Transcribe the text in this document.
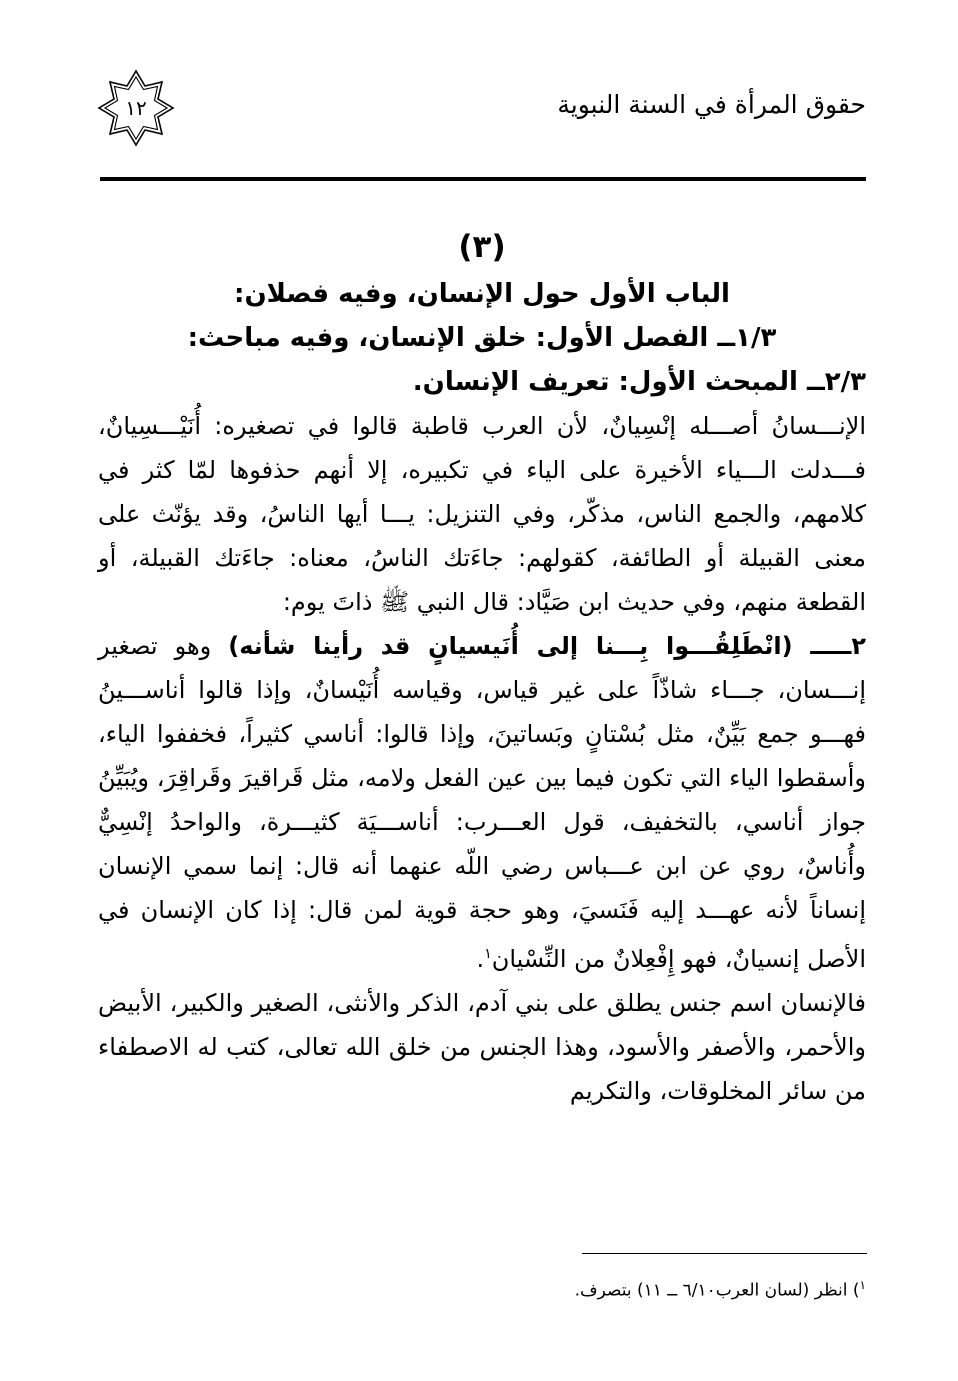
حقوق المرأة في السنة النبوية
١٢
(٣)
الباب الأول حول الإنسان، وفيه فصلان:
١/٣ــ الفصل الأول: خلق الإنسان، وفيه مباحث:
٢/٣ــ المبحث الأول: تعريف الإنسان.

الإنـــسانُ أصـــله إنْسِيانٌ، لأن العرب قاطبة قالوا في تصغيره: أُنَيْـــسِيانٌ، فـــدلت الـــياء الأخيرة على الياء في تكبيره، إلا أنهم حذفوها لمّا كثر في كلامهم، والجمع الناس، مذكّر، وفي التنزيل: يـــا أيها الناسُ، وقد يؤنّث على معنى القبيلة أو الطائفة، كقولهم: جاءَتك الناسُ، معناه: جاءَتك القبيلة، أو القطعة منهم، وفي حديث ابن صَيَّاد: قال النبي ﷺ ذاتَ يوم:

٢ـــــ (انْطَلِقُـــوا بِـــنا إلى أُنَيسيانٍ قد رأينا شأنه) وهو تصغير إنـــسان، جـــاء شاذّاً على غير قياس، وقياسه أُنَيْسانٌ، وإذا قالوا أناســـينُ فهـــو جمع بَيِّنٌ، مثل بُسْتانٍ وبَساتينَ، وإذا قالوا: أناسي كثيراً، فخففوا الياء، وأسقطوا الياء التي تكون فيما بين عين الفعل ولامه، مثل قَراقيرَ وقَراقِرَ، ويُبَيِّنُ جواز أناسي، بالتخفيف، قول العـــرب: أناســـيَة كثيـــرة، والواحدُ إنْسِيٌّ وأُناسٌ، روي عن ابن عـــباس رضي اللّه عنهما أنه قال: إنما سمي الإنسان إنساناً لأنه عهـــد إليه فَنَسيَ، وهو حجة قوية لمن قال: إذا كان الإنسان في الأصل إنسيانٌ، فهو إِفْعِلانٌ من النِّسْيان$^١$.

فالإنسان اسم جنس يطلق على بني آدم، الذكر والأنثى، الصغير والكبير، الأبيض والأحمر، والأصفر والأسود، وهذا الجنس من خلق الله تعالى، كتب له الاصطفاء من سائر المخلوقات، والتكريم

$^١$) انظر (لسان العرب٦/١٠ ــ ١١) بتصرف.
